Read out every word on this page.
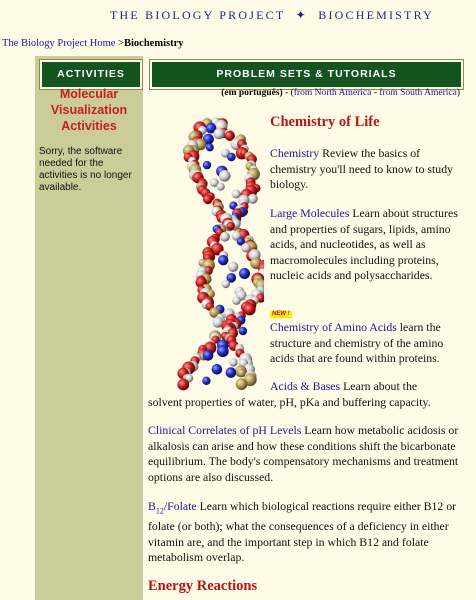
THE BIOLOGY PROJECT ✦ BIOCHEMISTRY
The Biology Project Home >Biochemistry
ACTIVITIES
Molecular
Visualization
Activities
Sorry, the software needed for the activities is no longer available.
PROBLEM SETS & TUTORIALS
(em português) - (from North America - from South America)
Chemistry of Life
Chemistry Review the basics of chemistry you'll need to know to study biology.
Large Molecules Learn about structures and properties of sugars, lipids, amino acids, and nucleotides, as well as macromolecules including proteins, nucleic acids and polysaccharides.
NEW !
Chemistry of Amino Acids learn the structure and chemistry of the amino acids that are found within proteins.
Acids & Bases Learn about the
solvent properties of water, pH, pKa and buffering capacity.
Clinical Correlates of pH Levels Learn how metabolic acidosis or alkalosis can arise and how these conditions shift the bicarbonate equilibrium. The body's compensatory mechanisms and treatment options are also discussed.
$B_{12}$/Folate Learn which biological reactions require either B12 or folate (or both); what the consequences of a deficiency in either vitamin are, and the important step in which B12 and folate metabolism overlap.
Energy Reactions
